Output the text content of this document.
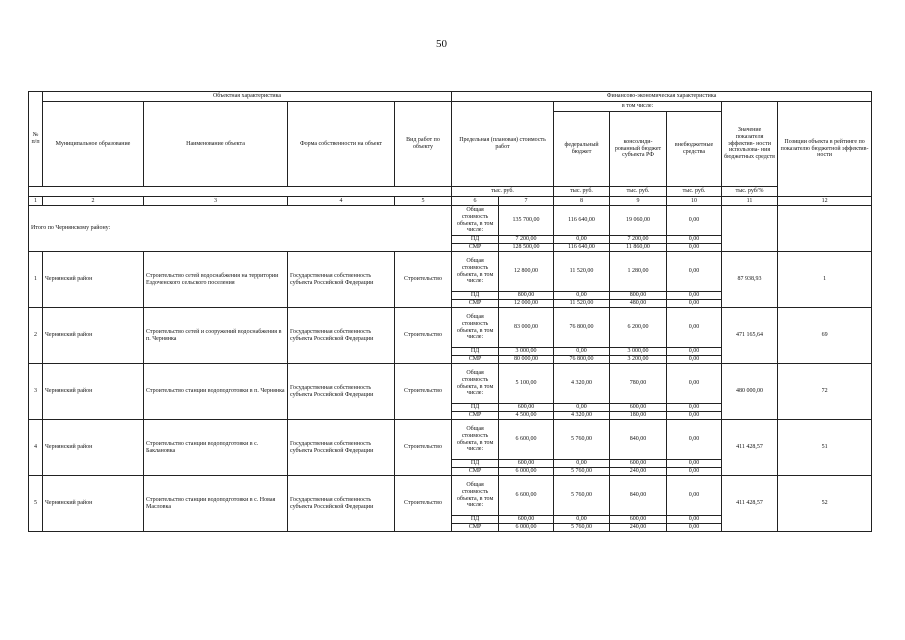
50
№ п/п	Объектная характеристика				Финансово-экономическая характеристика							
	Муниципальное образование	Наименование объекта	Форма собственности на объект	Вид работ по объекту	Предельная (плановая) стоимость работ		в том числе:			Значение показателя эффектив- ности использова- ния бюджетных средств	Позиции объекта в рейтинге по показателю бюджетной эффектив- ности	
							федеральный бюджет	консолиди- рованный бюджет субъекта РФ	внебюджетные средства			
					тыс. руб.		тыс. руб.	тыс. руб.	тыс. руб.	тыс. руб/%		
1	2	3	4	5	6	7	8	9	10	11	12	
Итого по Чернянскому району:					Общая стоимость объекта, в том числе:	135 700,00	116 640,00	19 060,00	0,00			
					ПД	7 200,00	0,00	7 200,00	0,00			
					СМР	128 500,00	116 640,00	11 860,00	0,00			
1	Чернянский район	Строительство сетей водоснабжения на территории Ездоченского сельского поселения	Государственная собственность субъекта Российской Федерации	Строительство	Общая стоимость объекта, в том числе:	12 800,00	11 520,00	1 280,00	0,00	87 938,93	1	
					ПД	800,00	0,00	800,00	0,00			
					СМР	12 000,00	11 520,00	480,00	0,00			
2	Чернянский район	Строительство сетей и сооружений водоснабжения в п. Чернянка	Государственная собственность субъекта Российской Федерации	Строительство	Общая стоимость объекта, в том числе:	83 000,00	76 800,00	6 200,00	0,00	471 165,64	69	
					ПД	3 000,00	0,00	3 000,00	0,00			
					СМР	80 000,00	76 800,00	3 200,00	0,00			
3	Чернянский район	Строительство станции водоподготовки в п. Чернянка	Государственная собственность субъекта Российской Федерации	Строительство	Общая стоимость объекта, в том числе:	5 100,00	4 320,00	780,00	0,00	480 000,00	72	
					ПД	600,00	0,00	600,00	0,00			
					СМР	4 500,00	4 320,00	180,00	0,00			
4	Чернянский район	Строительство станции водоподготовки в с. Баклановка	Государственная собственность субъекта Российской Федерации	Строительство	Общая стоимость объекта, в том числе:	6 600,00	5 760,00	840,00	0,00	411 428,57	51	
					ПД	600,00	0,00	600,00	0,00			
					СМР	6 000,00	5 760,00	240,00	0,00			
5	Чернянский район	Строительство станции водоподготовки в с. Новая Масловка	Государственная собственность субъекта Российской Федерации	Строительство	Общая стоимость объекта, в том числе:	6 600,00	5 760,00	840,00	0,00	411 428,57	52	
					ПД	600,00	0,00	600,00	0,00			
					СМР	6 000,00	5 760,00	240,00	0,00			
